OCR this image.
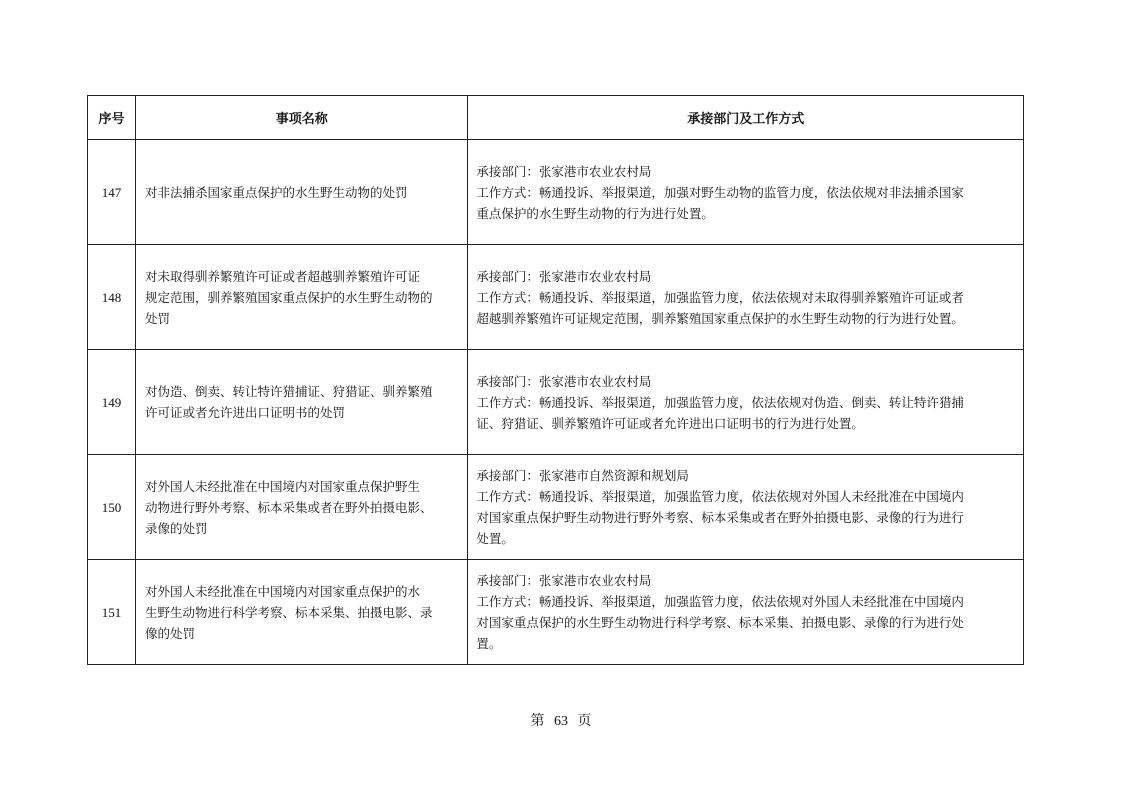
序号	事项名称	承接部门及工作方式
147	对非法捕杀国家重点保护的水生野生动物的处罚	承接部门：张家港市农业农村局
工作方式：畅通投诉、举报渠道，加强对野生动物的监管力度，依法依规对非法捕杀国家
重点保护的水生野生动物的行为进行处置。

148	对未取得驯养繁殖许可证或者超越驯养繁殖许可证
规定范围，驯养繁殖国家重点保护的水生野生动物的
处罚	承接部门：张家港市农业农村局
工作方式：畅通投诉、举报渠道，加强监管力度，依法依规对未取得驯养繁殖许可证或者
超越驯养繁殖许可证规定范围，驯养繁殖国家重点保护的水生野生动物的行为进行处置。

149	对伪造、倒卖、转让特许猎捕证、狩猎证、驯养繁殖
许可证或者允许进出口证明书的处罚	承接部门：张家港市农业农村局
工作方式：畅通投诉、举报渠道，加强监管力度，依法依规对伪造、倒卖、转让特许猎捕
证、狩猎证、驯养繁殖许可证或者允许进出口证明书的行为进行处置。

150	对外国人未经批准在中国境内对国家重点保护野生
动物进行野外考察、标本采集或者在野外拍摄电影、
录像的处罚	承接部门：张家港市自然资源和规划局
工作方式：畅通投诉、举报渠道，加强监管力度，依法依规对外国人未经批准在中国境内
对国家重点保护野生动物进行野外考察、标本采集或者在野外拍摄电影、录像的行为进行
处置。

151	对外国人未经批准在中国境内对国家重点保护的水
生野生动物进行科学考察、标本采集、拍摄电影、录
像的处罚	承接部门：张家港市农业农村局
工作方式：畅通投诉、举报渠道，加强监管力度，依法依规对外国人未经批准在中国境内
对国家重点保护的水生野生动物进行科学考察、标本采集、拍摄电影、录像的行为进行处
置。
第 63 页
